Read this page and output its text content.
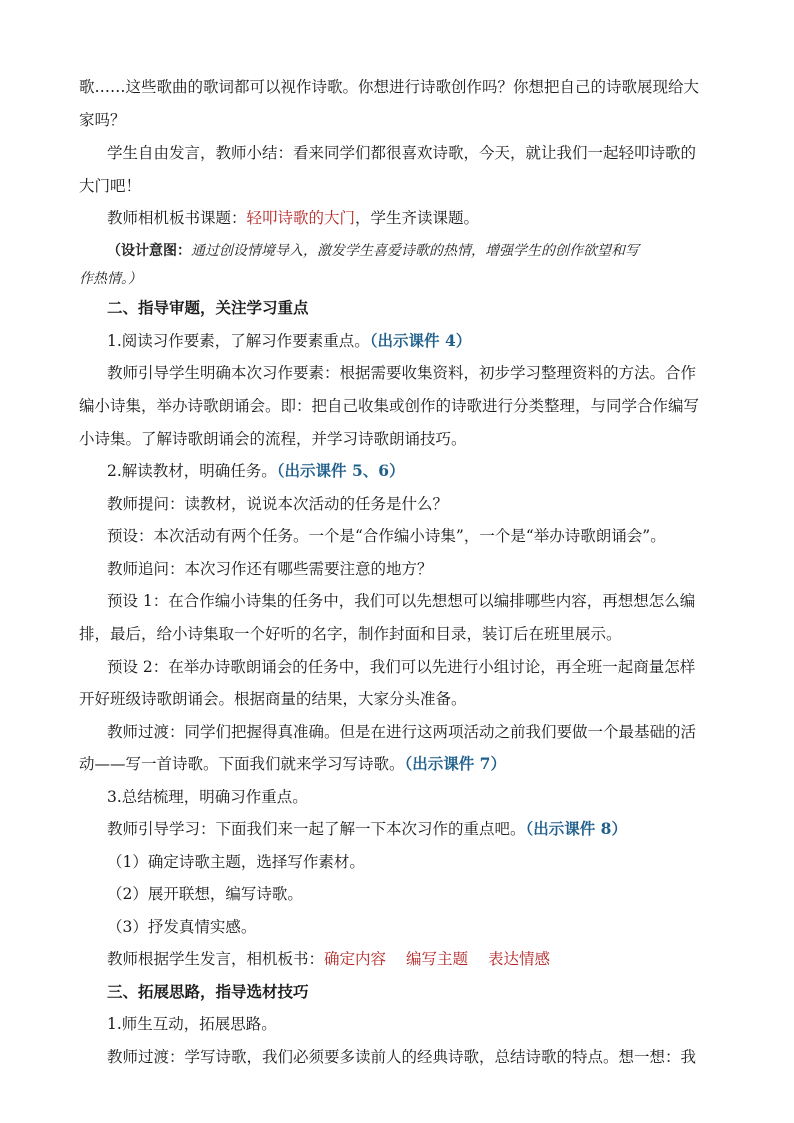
歌……这些歌曲的歌词都可以视作诗歌。你想进行诗歌创作吗？你想把自己的诗歌展现给大
家吗？
学生自由发言，教师小结：看来同学们都很喜欢诗歌，今天，就让我们一起轻叩诗歌的
大门吧！
教师相机板书课题：轻叩诗歌的大门，学生齐读课题。
（设计意图：通过创设情境导入，激发学生喜爱诗歌的热情，增强学生的创作欲望和写
作热情。）
二、指导审题，关注学习重点
1.阅读习作要素，了解习作要素重点。（出示课件 4）
教师引导学生明确本次习作要素：根据需要收集资料，初步学习整理资料的方法。合作
编小诗集，举办诗歌朗诵会。即：把自己收集或创作的诗歌进行分类整理，与同学合作编写
小诗集。了解诗歌朗诵会的流程，并学习诗歌朗诵技巧。
2.解读教材，明确任务。（出示课件 5、6）
教师提问：读教材，说说本次活动的任务是什么？
预设：本次活动有两个任务。一个是“合作编小诗集”，一个是“举办诗歌朗诵会”。
教师追问：本次习作还有哪些需要注意的地方？
预设 1：在合作编小诗集的任务中，我们可以先想想可以编排哪些内容，再想想怎么编
排，最后，给小诗集取一个好听的名字，制作封面和目录，装订后在班里展示。
预设 2：在举办诗歌朗诵会的任务中，我们可以先进行小组讨论，再全班一起商量怎样
开好班级诗歌朗诵会。根据商量的结果，大家分头准备。
教师过渡：同学们把握得真准确。但是在进行这两项活动之前我们要做一个最基础的活
动——写一首诗歌。下面我们就来学习写诗歌。（出示课件 7）
3.总结梳理，明确习作重点。
教师引导学习：下面我们来一起了解一下本次习作的重点吧。（出示课件 8）
（1）确定诗歌主题，选择写作素材。
（2）展开联想，编写诗歌。
（3）抒发真情实感。
教师根据学生发言，相机板书：确定内容 编写主题 表达情感
三、拓展思路，指导选材技巧
1.师生互动，拓展思路。
教师过渡：学写诗歌，我们必须要多读前人的经典诗歌，总结诗歌的特点。想一想：我
